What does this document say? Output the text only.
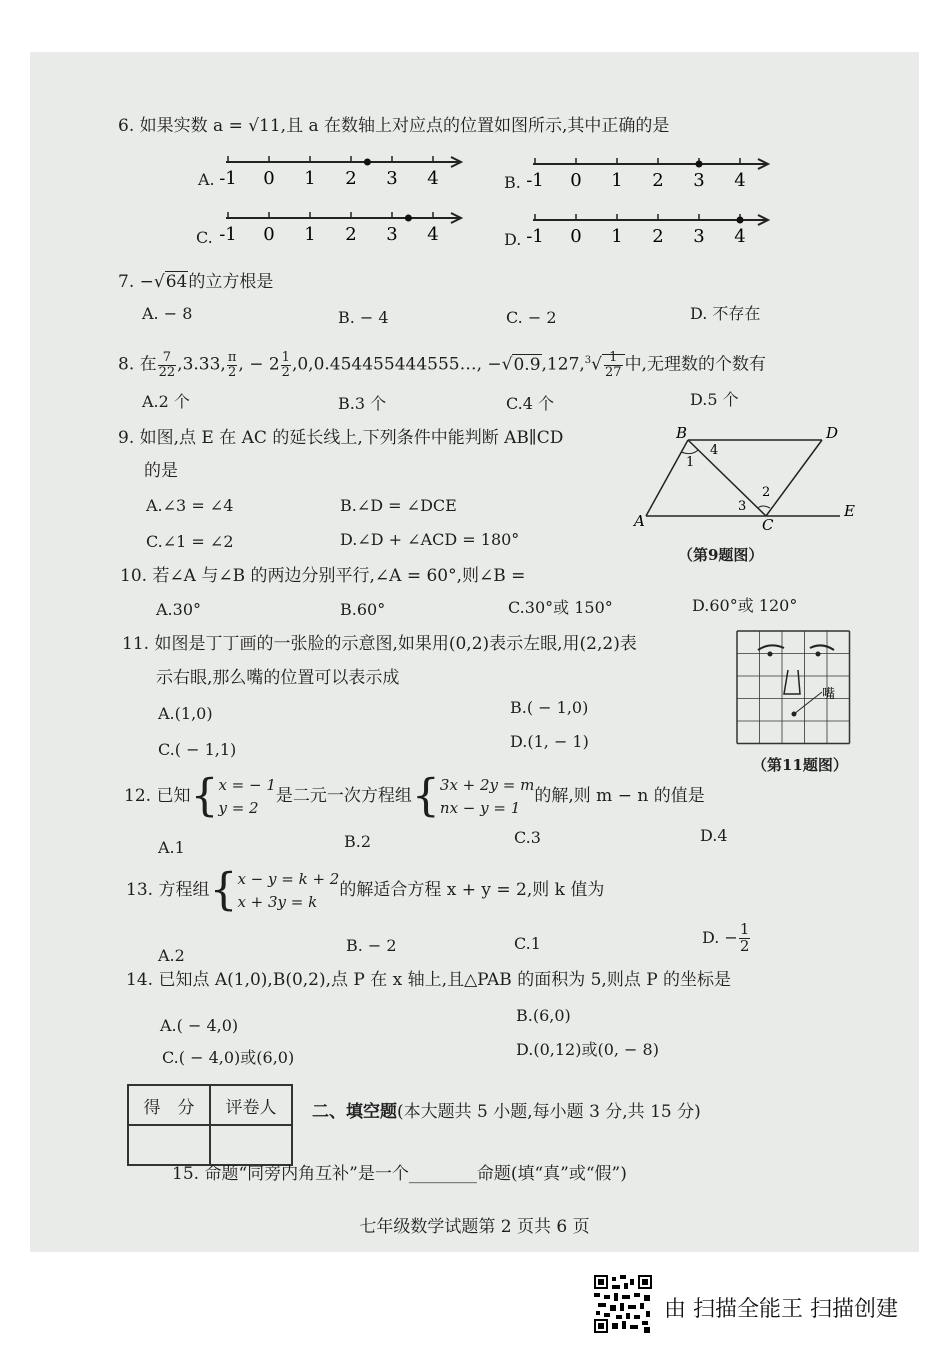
6. 如果实数 a = √11,且 a 在数轴上对应点的位置如图所示,其中正确的是
A.	B.
C.	D.
-1 0 1 2 3 4	-1 0 1 2 3 4
-1 0 1 2 3 4	-1 0 1 2 3 4
7. −√64的立方根是
A. − 8	B. − 4	C. − 2	D. 不存在
8. 在 $\frac{7}{22} ,3.33$, $\frac{\pi}{2}$ , − $2 \frac{1}{2}$ ,0,0.454455444555…, $-√0.9,127,^3√ \frac{1}{27}$ 中,无理数的个数有
A.2 个	B.3 个	C.4 个	D.5 个
9. 如图,点 E 在 AC 的延长线上,下列条件中能判断 AB∥CD
的是
A.∠3 = ∠4	B.∠D = ∠DCE
C.∠1 = ∠2	D.∠D + ∠ACD = 180°
B	D
A	C
E
1
4
3
2
（第9题图）
10. 若∠A 与∠B 的两边分别平行,∠A = 60°,则∠B =
A.30°	B.60°	C.30°或 150°	D.60°或 120°
11. 如图是丁丁画的一张脸的示意图,如果用(0,2)表示左眼,用(2,2)表
示右眼,那么嘴的位置可以表示成
A.(1,0)	B.( − 1,0)
C.( − 1,1)	D.(1, − 1)
嘴
（第11题图）
12. 已知{x = − 1
y = 2是二元一次方程组{3x + 2y = m
nx − y = 1的解,则 m − n 的值是
A.1	B.2	C.3	D.4
13. 方程组{x − y = k + 2
x + 3y = k的解适合方程 x + y = 2,则 k 值为
A.2
B. − 2	C.1	D. − $\frac{1}{2}$
14. 已知点 A(1,0),B(0,2),点 P 在 x 轴上,且△PAB 的面积为 5,则点 P 的坐标是
A.( − 4,0)
B.(6,0)
C.( − 4,0)或(6,0)	D.(0,12)或(0, − 8)
得　分	评卷人
	二、填空题(本大题共 5 小题,每小题 3 分,共 15 分)
15. 命题“同旁内角互补”是一个________命题(填“真”或“假”)
七年级数学试题第 2 页共 6 页
由 扫描全能王 扫描创建
